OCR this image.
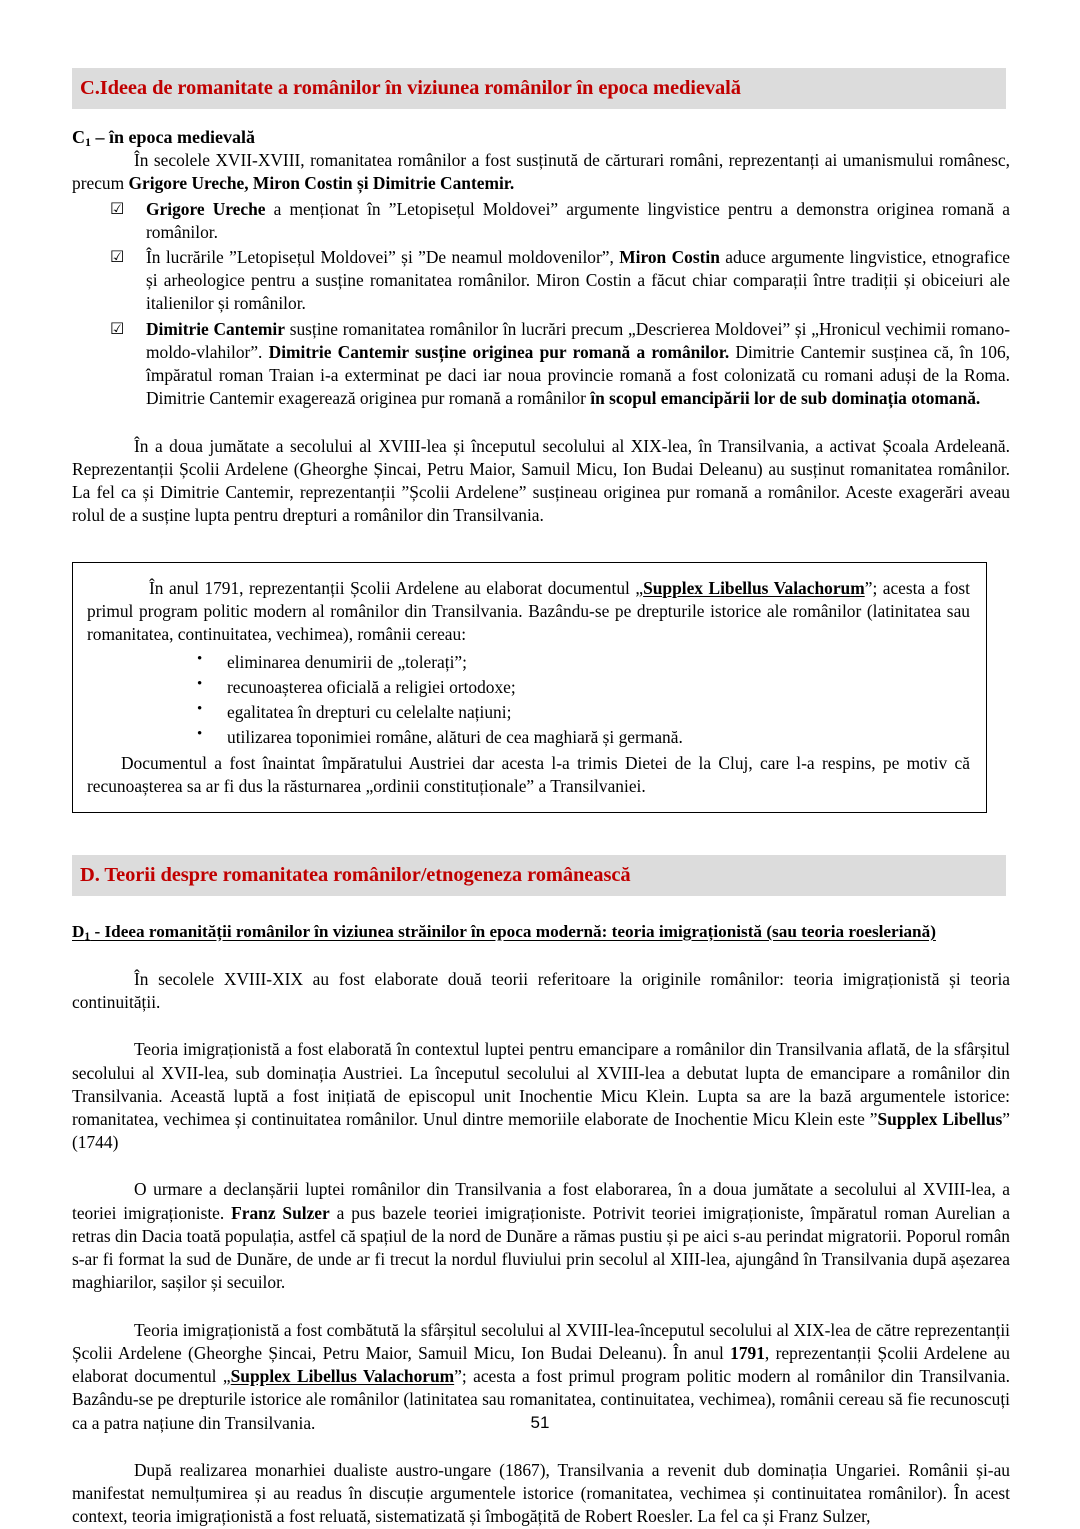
C.Ideea de romanitate a românilor în viziunea românilor în epoca medievală
$C_1$ – în epoca medievală

În secolele XVII-XVIII, romanitatea românilor a fost susținută de cărturari români, reprezentanți ai umanismului românesc, precum Grigore Ureche, Miron Costin și Dimitrie Cantemir.

☑ Grigore Ureche a menționat în ”Letopisețul Moldovei” argumente lingvistice pentru a demonstra originea romană a românilor.
☑ În lucrările ”Letopisețul Moldovei” și ”De neamul moldovenilor”, Miron Costin aduce argumente lingvistice, etnografice și arheologice pentru a susține romanitatea românilor. Miron Costin a făcut chiar comparații între tradiții și obiceiuri ale italienilor și românilor.
☑ Dimitrie Cantemir susține romanitatea românilor în lucrări precum „Descrierea Moldovei” și „Hronicul vechimii romano-moldo-vlahilor”. Dimitrie Cantemir susține originea pur romană a românilor. Dimitrie Cantemir susținea că, în 106, împăratul roman Traian i-a exterminat pe daci iar noua provincie romană a fost colonizată cu romani aduși de la Roma. Dimitrie Cantemir exagerează originea pur romană a românilor în scopul emancipării lor de sub dominația otomană.

În a doua jumătate a secolului al XVIII-lea și începutul secolului al XIX-lea, în Transilvania, a activat Școala Ardeleană. Reprezentanții Școlii Ardelene (Gheorghe Șincai, Petru Maior, Samuil Micu, Ion Budai Deleanu) au susținut romanitatea românilor. La fel ca și Dimitrie Cantemir, reprezentanții ”Școlii Ardelene” susțineau originea pur romană a românilor. Aceste exagerări aveau rolul de a susține lupta pentru drepturi a românilor din Transilvania.

În anul 1791, reprezentanții Școlii Ardelene au elaborat documentul „Supplex Libellus Valachorum”; acesta a fost primul program politic modern al românilor din Transilvania. Bazându-se pe drepturile istorice ale românilor (latinitatea sau romanitatea, continuitatea, vechimea), românii cereau:

• eliminarea denumirii de „tolerați”;
• recunoașterea oficială a religiei ortodoxe;
• egalitatea în drepturi cu celelalte națiuni;
• utilizarea toponimiei române, alături de cea maghiară și germană.

Documentul a fost înaintat împăratului Austriei dar acesta l-a trimis Dietei de la Cluj, care l-a respins, pe motiv că recunoașterea sa ar fi dus la răsturnarea „ordinii constituționale” a Transilvaniei.

D. Teorii despre romanitatea românilor/etnogeneza românească
$D_1$ - Ideea romanității românilor în viziunea străinilor în epoca modernă: teoria imigraționistă (sau teoria roesleriană)

În secolele XVIII-XIX au fost elaborate două teorii referitoare la originile românilor: teoria imigraționistă și teoria continuității.

Teoria imigraționistă a fost elaborată în contextul luptei pentru emancipare a românilor din Transilvania aflată, de la sfârșitul secolului al XVII-lea, sub dominația Austriei. La începutul secolului al XVIII-lea a debutat lupta de emancipare a românilor din Transilvania. Această luptă a fost inițiată de episcopul unit Inochentie Micu Klein. Lupta sa are la bază argumentele istorice: romanitatea, vechimea și continuitatea românilor. Unul dintre memoriile elaborate de Inochentie Micu Klein este ”Supplex Libellus” (1744)

O urmare a declanșării luptei românilor din Transilvania a fost elaborarea, în a doua jumătate a secolului al XVIII-lea, a teoriei imigraționiste. Franz Sulzer a pus bazele teoriei imigraționiste. Potrivit teoriei imigraționiste, împăratul roman Aurelian a retras din Dacia toată populația, astfel că spațiul de la nord de Dunăre a rămas pustiu și pe aici s-au perindat migratorii. Poporul român s-ar fi format la sud de Dunăre, de unde ar fi trecut la nordul fluviului prin secolul al XIII-lea, ajungând în Transilvania după așezarea maghiarilor, sașilor și secuilor.

Teoria imigraționistă a fost combătută la sfârșitul secolului al XVIII-lea-începutul secolului al XIX-lea de către reprezentanții Școlii Ardelene (Gheorghe Șincai, Petru Maior, Samuil Micu, Ion Budai Deleanu). În anul 1791, reprezentanții Școlii Ardelene au elaborat documentul „Supplex Libellus Valachorum”; acesta a fost primul program politic modern al românilor din Transilvania. Bazându-se pe drepturile istorice ale românilor (latinitatea sau romanitatea, continuitatea, vechimea), românii cereau să fie recunoscuți ca a patra națiune din Transilvania.

După realizarea monarhiei dualiste austro-ungare (1867), Transilvania a revenit dub dominația Ungariei. Românii și-au manifestat nemulțumirea și au readus în discuție argumentele istorice (romanitatea, vechimea și continuitatea românilor). În acest context, teoria imigraționistă a fost reluată, sistematizată și îmbogățită de Robert Roesler. La fel ca și Franz Sulzer,

51
